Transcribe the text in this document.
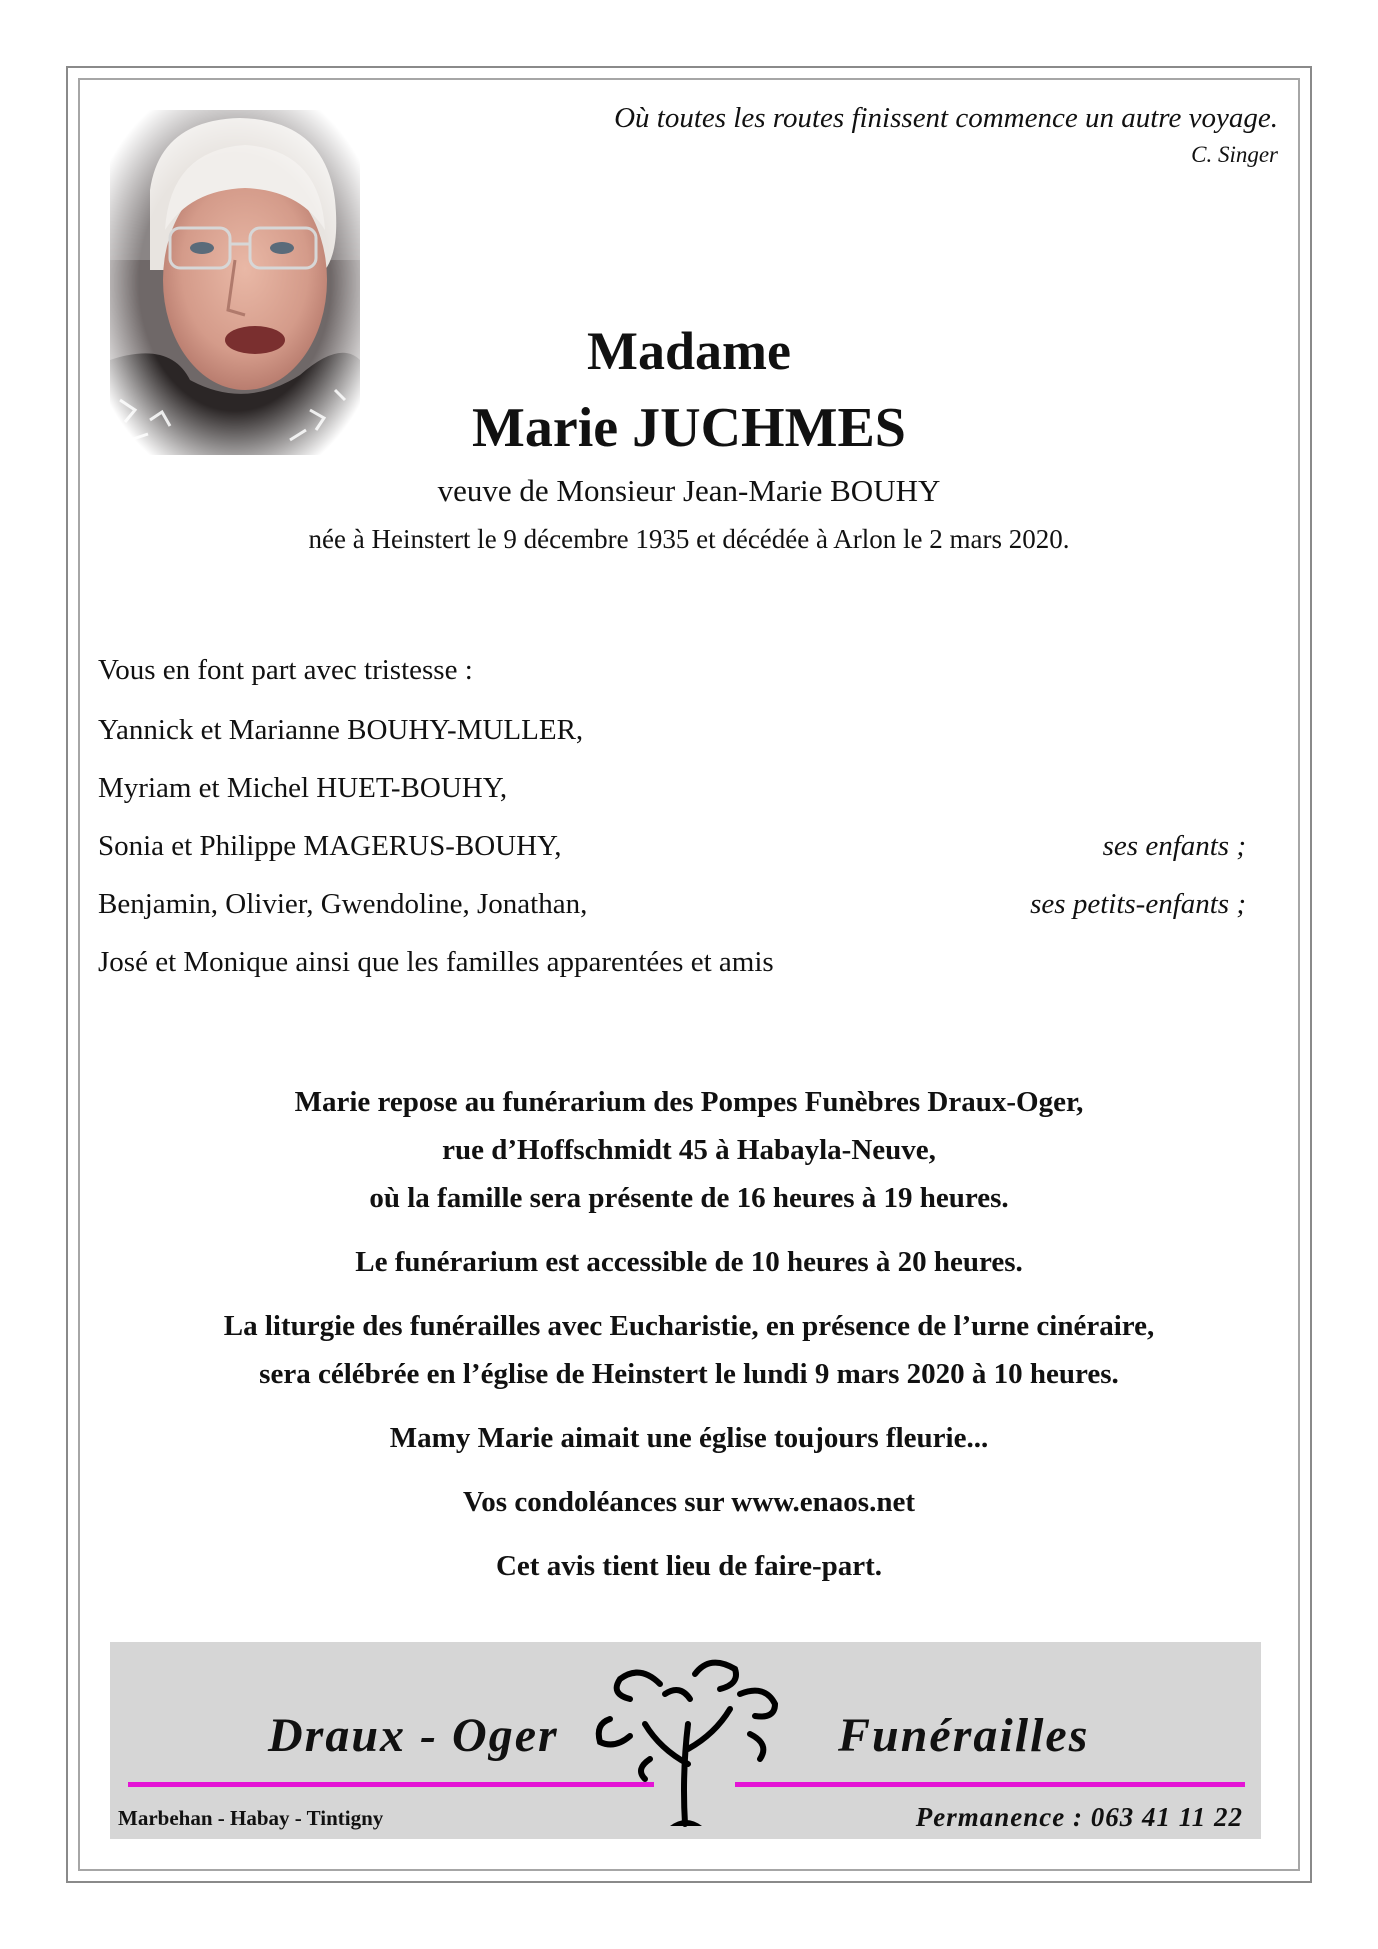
Où toutes les routes finissent commence un autre voyage.
C. Singer
Madame
Marie JUCHMES
veuve de Monsieur Jean-Marie BOUHY
née à Heinstert le 9 décembre 1935 et décédée à Arlon le 2 mars 2020.
Vous en font part avec tristesse :
Yannick et Marianne BOUHY-MULLER,
Myriam et Michel HUET-BOUHY,
Sonia et Philippe MAGERUS-BOUHY,	ses enfants ;
Benjamin, Olivier, Gwendoline, Jonathan,	ses petits-enfants ;
José et Monique ainsi que les familles apparentées et amis
Marie repose au funérarium des Pompes Funèbres Draux-Oger,
rue d’Hoffschmidt 45 à Habayla-Neuve,
où la famille sera présente de 16 heures à 19 heures.
Le funérarium est accessible de 10 heures à 20 heures.
La liturgie des funérailles avec Eucharistie, en présence de l’urne cinéraire,
sera célébrée en l’église de Heinstert le lundi 9 mars 2020 à 10 heures.
Mamy Marie aimait une église toujours fleurie...
Vos condoléances sur www.enaos.net
Cet avis tient lieu de faire-part.
Draux - Oger	Funérailles
Marbehan - Habay - Tintigny	Permanence : 063 41 11 22
